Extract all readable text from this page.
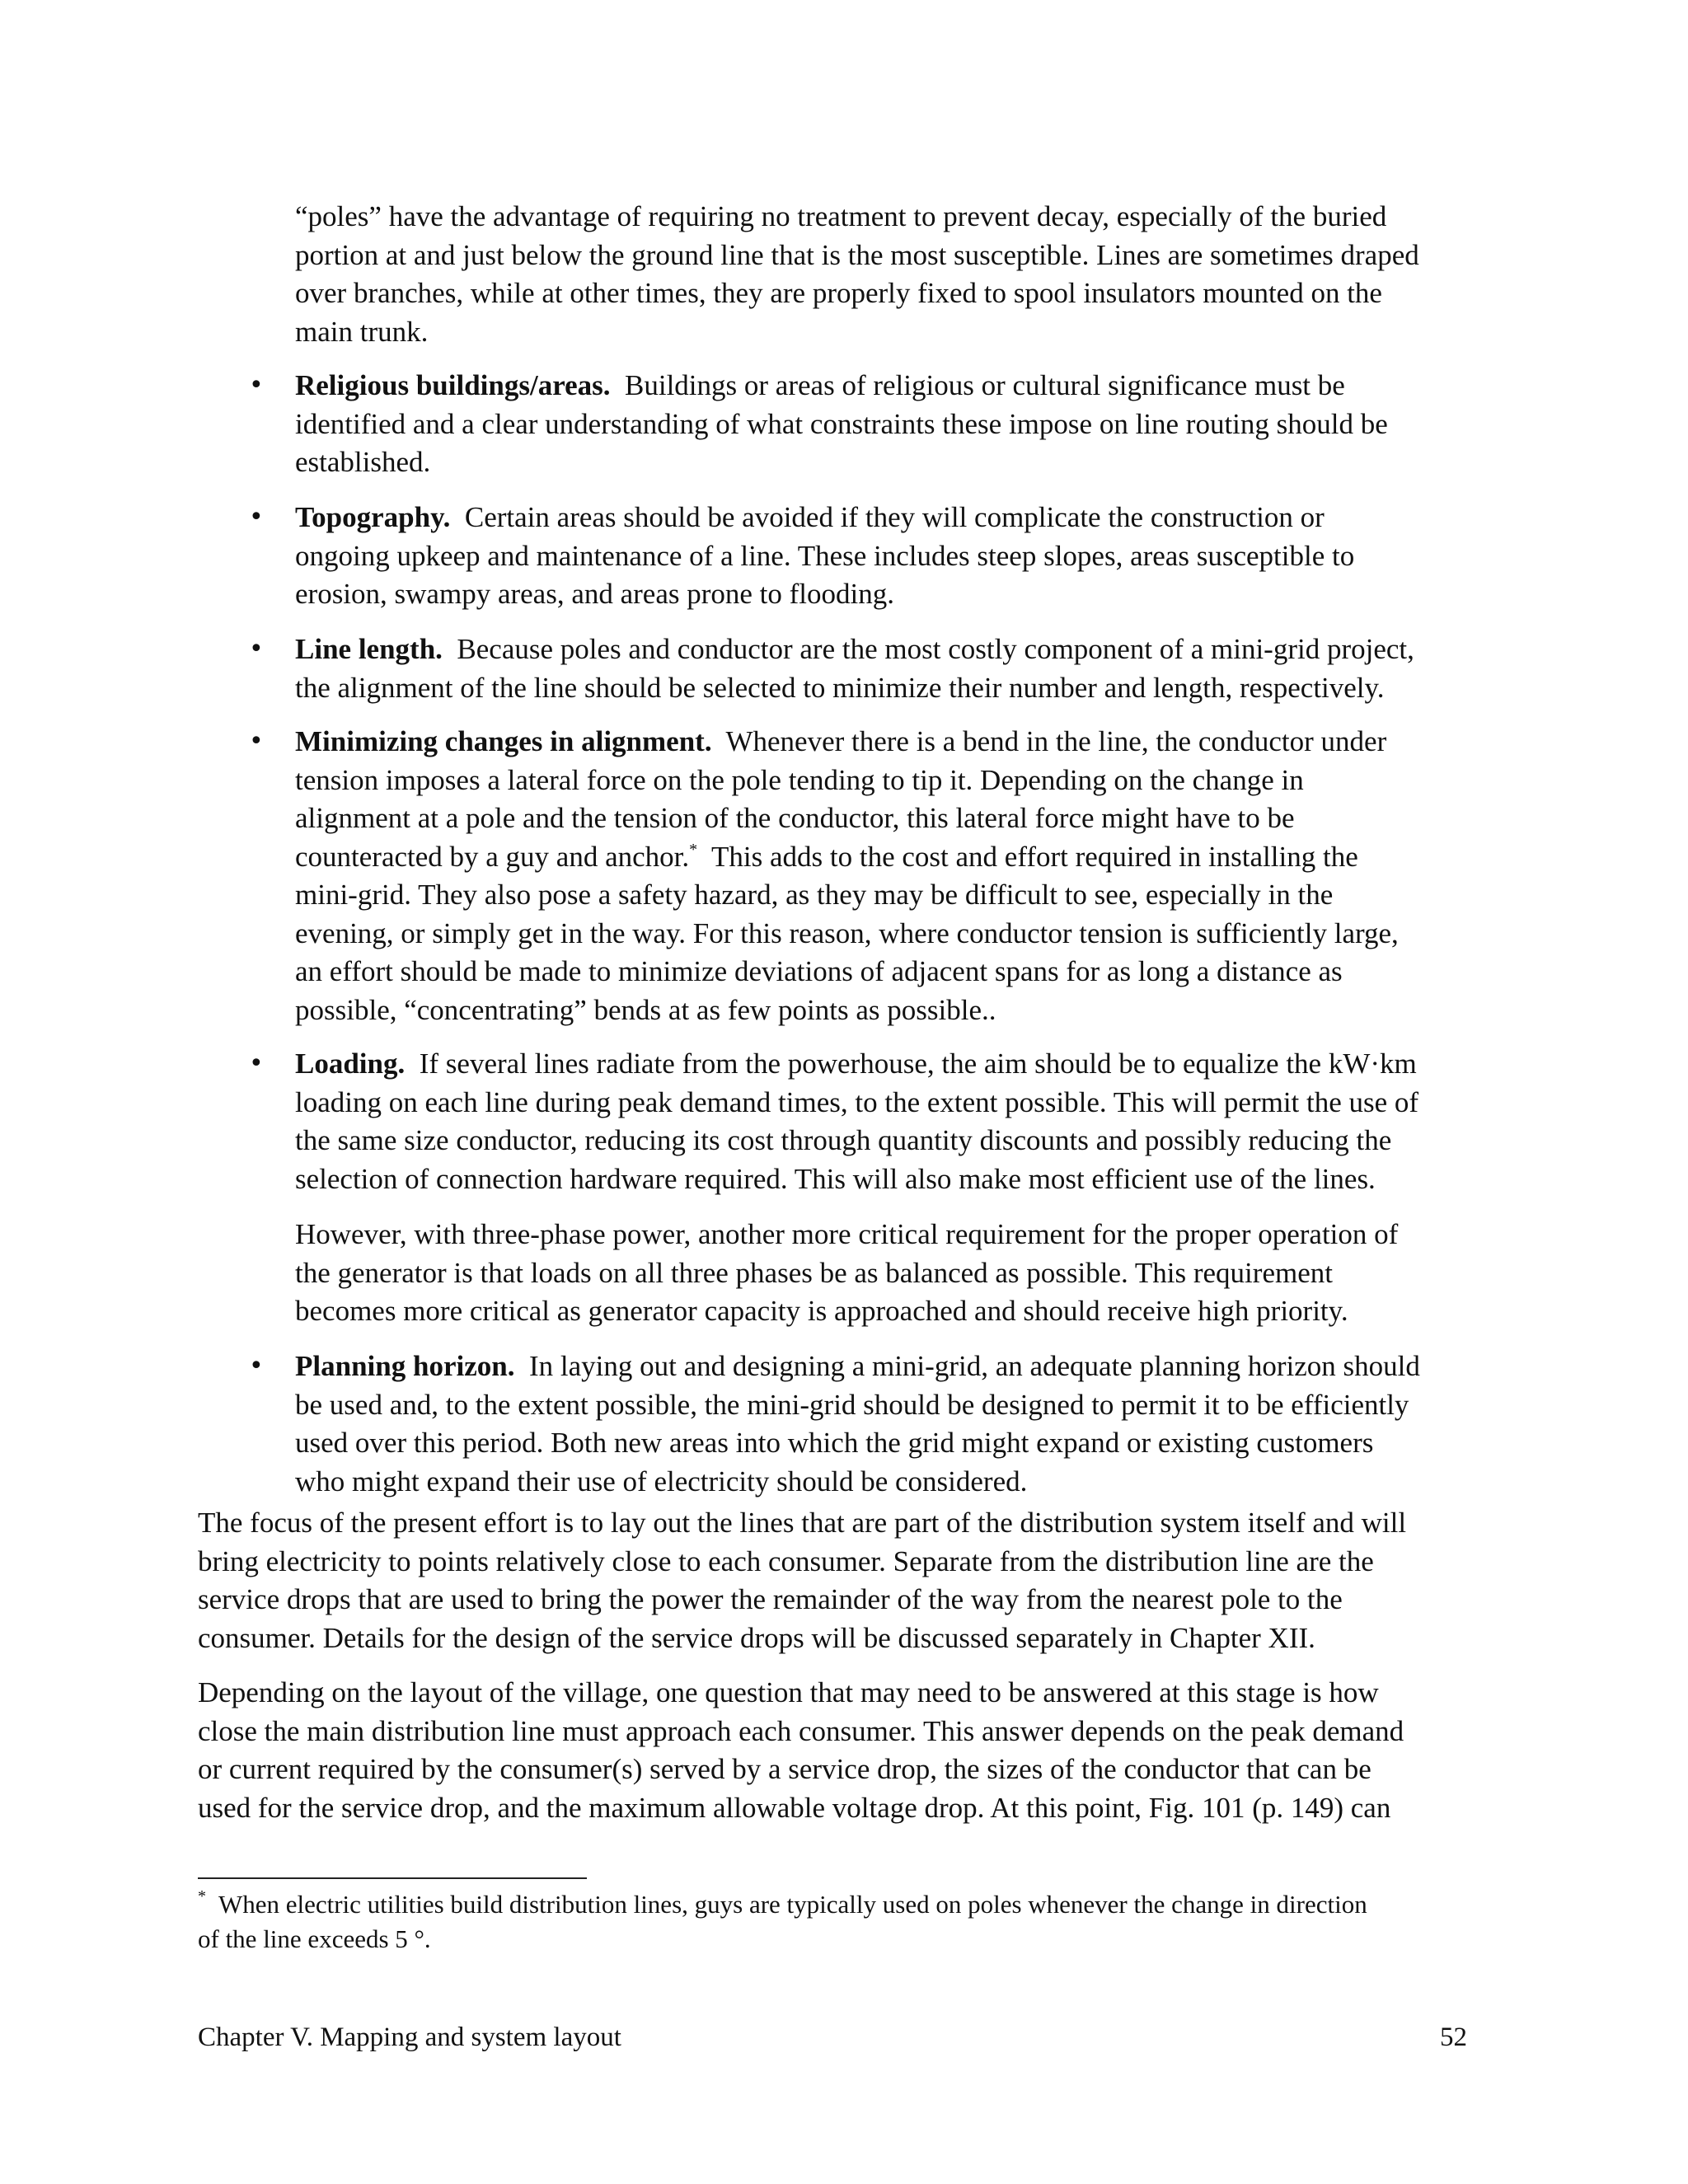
“poles” have the advantage of requiring no treatment to prevent decay, especially of the buried
portion at and just below the ground line that is the most susceptible. Lines are sometimes draped
over branches, while at other times, they are properly fixed to spool insulators mounted on the
main trunk.
•	Religious buildings/areas.  Buildings or areas of religious or cultural significance must be
identified and a clear understanding of what constraints these impose on line routing should be
established.
•	Topography.  Certain areas should be avoided if they will complicate the construction or
ongoing upkeep and maintenance of a line. These includes steep slopes, areas susceptible to
erosion, swampy areas, and areas prone to flooding.
•	Line length.  Because poles and conductor are the most costly component of a mini-grid project,
the alignment of the line should be selected to minimize their number and length, respectively.
•	Minimizing changes in alignment.  Whenever there is a bend in the line, the conductor under
tension imposes a lateral force on the pole tending to tip it. Depending on the change in
alignment at a pole and the tension of the conductor, this lateral force might have to be
counteracted by a guy and anchor.*  This adds to the cost and effort required in installing the
mini-grid. They also pose a safety hazard, as they may be difficult to see, especially in the
evening, or simply get in the way. For this reason, where conductor tension is sufficiently large,
an effort should be made to minimize deviations of adjacent spans for as long a distance as
possible, “concentrating” bends at as few points as possible..
•	Loading.  If several lines radiate from the powerhouse, the aim should be to equalize the kW·km
loading on each line during peak demand times, to the extent possible. This will permit the use of
the same size conductor, reducing its cost through quantity discounts and possibly reducing the
selection of connection hardware required. This will also make most efficient use of the lines.
However, with three-phase power, another more critical requirement for the proper operation of
the generator is that loads on all three phases be as balanced as possible. This requirement
becomes more critical as generator capacity is approached and should receive high priority.
•	Planning horizon.  In laying out and designing a mini-grid, an adequate planning horizon should
be used and, to the extent possible, the mini-grid should be designed to permit it to be efficiently
used over this period. Both new areas into which the grid might expand or existing customers
who might expand their use of electricity should be considered.
The focus of the present effort is to lay out the lines that are part of the distribution system itself and will
bring electricity to points relatively close to each consumer. Separate from the distribution line are the
service drops that are used to bring the power the remainder of the way from the nearest pole to the
consumer. Details for the design of the service drops will be discussed separately in Chapter XII.
Depending on the layout of the village, one question that may need to be answered at this stage is how
close the main distribution line must approach each consumer. This answer depends on the peak demand
or current required by the consumer(s) served by a service drop, the sizes of the conductor that can be
used for the service drop, and the maximum allowable voltage drop. At this point, Fig. 101 (p. 149) can
*  When electric utilities build distribution lines, guys are typically used on poles whenever the change in direction
of the line exceeds 5 °.
Chapter V. Mapping and system layout	52
